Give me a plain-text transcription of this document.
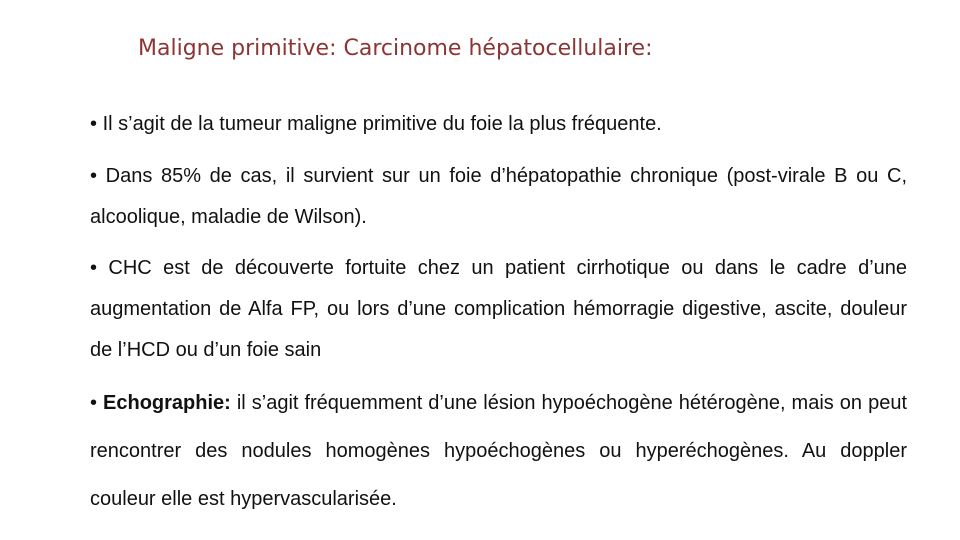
Maligne primitive: Carcinome hépatocellulaire:

• Il s’agit de la tumeur maligne primitive du foie la plus fréquente.

• Dans 85% de cas, il survient sur un foie d’hépatopathie chronique (post-virale B ou C, alcoolique, maladie de Wilson).

• CHC est de découverte fortuite chez un patient cirrhotique ou dans le cadre d’une augmentation de Alfa FP, ou lors d’une complication hémorragie digestive, ascite, douleur de l’HCD ou d’un foie sain

• Echographie: il s’agit fréquemment d’une lésion hypoéchogène hétérogène, mais on peut rencontrer des nodules homogènes hypoéchogènes ou hyperéchogènes. Au doppler couleur elle est hypervascularisée.
